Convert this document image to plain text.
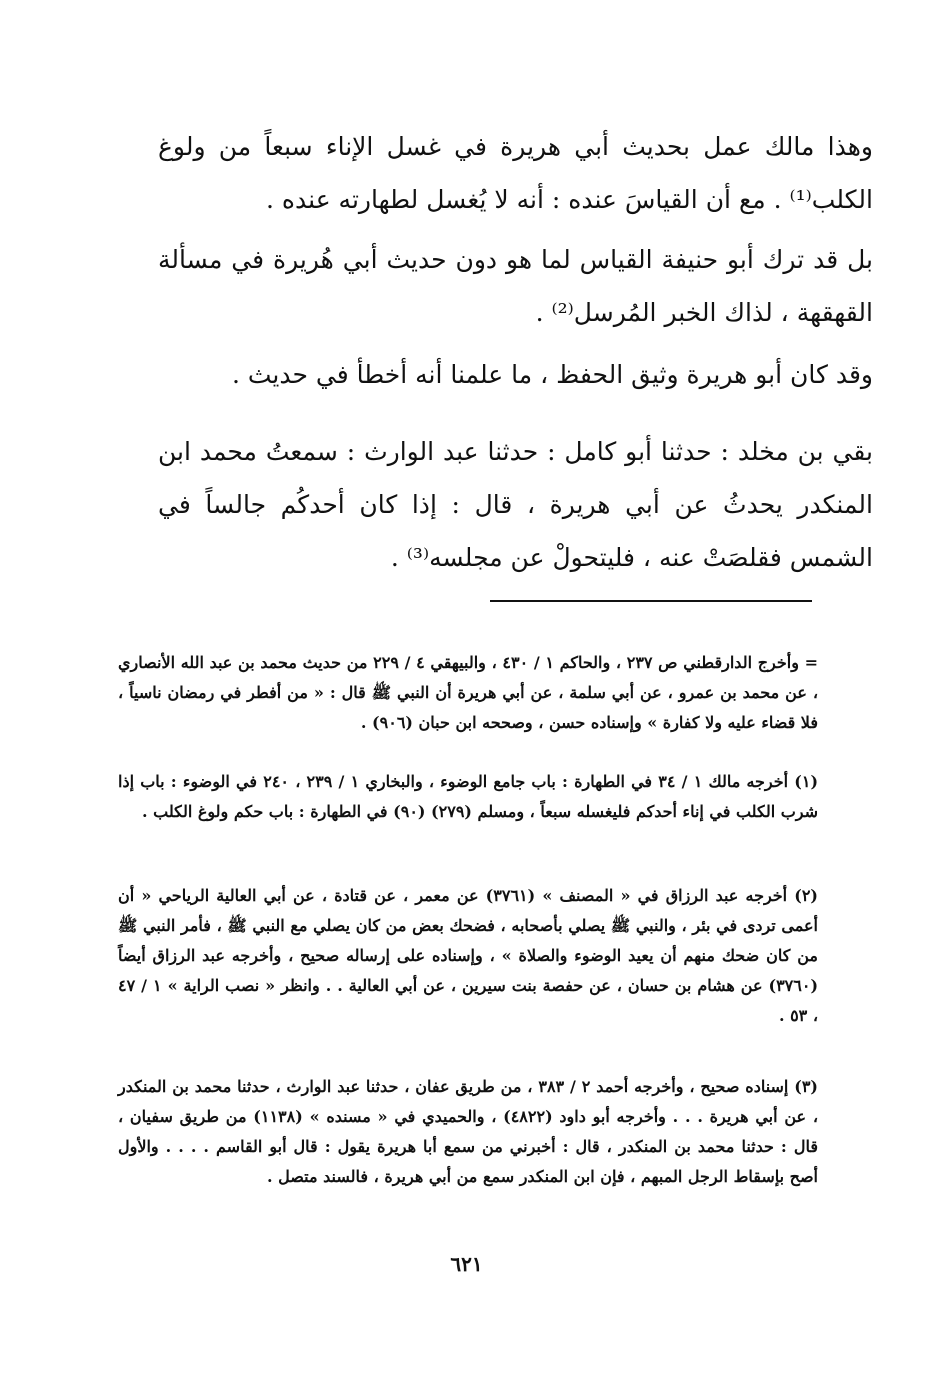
وهذا مالك عمل بحديث أبي هريرة في غسل الإناء سبعاً من ولوغ الكلب⁽¹⁾ . مع أن القياسَ عنده : أنه لا يُغسل لطهارته عنده .

بل قد ترك أبو حنيفة القياس لما هو دون حديث أبي هُريرة في مسألة القهقهة ، لذاك الخبر المُرسل⁽²⁾ .

وقد كان أبو هريرة وثيق الحفظ ، ما علمنا أنه أخطأ في حديث .

بقي بن مخلد : حدثنا أبو كامل : حدثنا عبد الوارث : سمعتُ محمد ابن المنكدر يحدثُ عن أبي هريرة ، قال : إذا كان أحدكُم جالساً في الشمس فقلصَتْ عنه ، فليتحولْ عن مجلسه⁽³⁾ .

= وأخرج الدارقطني ص ٢٣٧ ، والحاكم ١ / ٤٣٠ ، والبيهقي ٤ / ٢٢٩ من حديث محمد بن عبد الله الأنصاري ، عن محمد بن عمرو ، عن أبي سلمة ، عن أبي هريرة أن النبي ﷺ قال : « من أفطر في رمضان ناسياً ، فلا قضاء عليه ولا كفارة » وإسناده حسن ، وصححه ابن حبان (٩٠٦) .

(١) أخرجه مالك ١ / ٣٤ في الطهارة : باب جامع الوضوء ، والبخاري ١ / ٢٣٩ ، ٢٤٠ في الوضوء : باب إذا شرب الكلب في إناء أحدكم فليغسله سبعاً ، ومسلم (٢٧٩) (٩٠) في الطهارة : باب حكم ولوغ الكلب .

(٢) أخرجه عبد الرزاق في « المصنف » (٣٧٦١) عن معمر ، عن قتادة ، عن أبي العالية الرياحي « أن أعمى تردى في بئر ، والنبي ﷺ يصلي بأصحابه ، فضحك بعض من كان يصلي مع النبي ﷺ ، فأمر النبي ﷺ من كان ضحك منهم أن يعيد الوضوء والصلاة » ، وإسناده على إرساله صحيح ، وأخرجه عبد الرزاق أيضاً (٣٧٦٠) عن هشام بن حسان ، عن حفصة بنت سيرين ، عن أبي العالية . . وانظر « نصب الراية » ١ / ٤٧ ، ٥٣ .

(٣) إسناده صحيح ، وأخرجه أحمد ٢ / ٣٨٣ ، من طريق عفان ، حدثنا عبد الوارث ، حدثنا محمد بن المنكدر ، عن أبي هريرة . . . وأخرجه أبو داود (٤٨٢٢) ، والحميدي في « مسنده » (١١٣٨) من طريق سفيان ، قال : حدثنا محمد بن المنكدر ، قال : أخبرني من سمع أبا هريرة يقول : قال أبو القاسم . . . . والأول أصح بإسقاط الرجل المبهم ، فإن ابن المنكدر سمع من أبي هريرة ، فالسند متصل .

٦٢١
